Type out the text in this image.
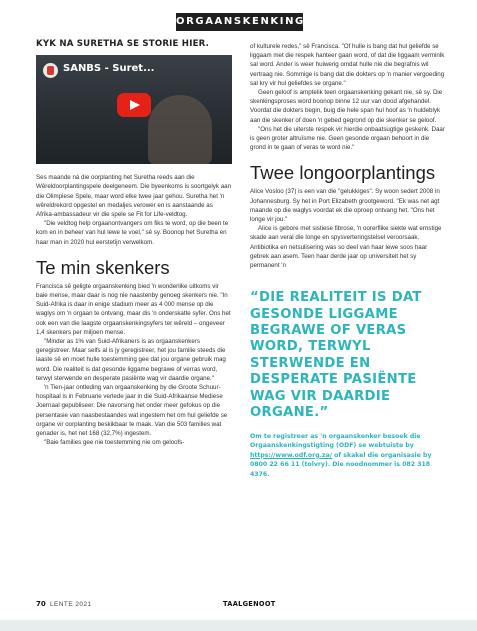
ORGAANSKENKING
KYK NA SURETHA SE STORIE HIER.
SANBS - Suret...

Ses maande ná die oorplanting het Suretha reeds aan die Wêreldoorplantingspele deelgeneem. Die byeenkoms is soortgelyk aan die Olimpiese Spele, maar word elke twee jaar gehou. Suretha het 'n wêreldrekord opgestel en medaljes verower en is aanstaande as Afrika-ambassadeur vir die spele se Fit for Life-veldtog.

"Die veldtog help orgaanontvangers om fiks te word, op die been te kom en in beheer van hul lewe te voel," sê sy. Boonop het Suretha en haar man in 2020 hul eerstetijn verwelkom.

Te min skenkers

Francisca sê geligte orgaanskenking bied 'n wonderlike uitkoms vir baie mense, maar daar is nog nie naastenby genoeg skenkers nie. "In Suid-Afrika is daar in enige stadium meer as 4 000 mense op die waglys om 'n orgaan te ontvang, maar dis 'n onderskatte syfer. Ons het ook een van die laagste orgaanskenkingsyfers ter wêreld – ongeveer 1,4 skenkers per miljoen mense.

"Minder as 1% van Suid-Afrikaners is as orgaanskenkers geregistreer. Maar selfs al is jy geregistreer, het jou familie steeds die laaste sê en moet hulle toestemming gee dat jou organe gebruik mag word. Die realiteit is dat gesonde liggame begrawe of verras word, terwyl sterwende en desperate pasiënte wag vir daardie organe."

'n Tien-jaar ontleding van orgaanskenking by die Groote Schuur-hospitaal is in Februarie verlede jaar in die Suid-Afrikaanse Mediese Joernaal gepubliseer. Die navorsing het onder meer gefokus op die persentasie van naasbestaandes wat ingestem het om hul geliefde se organe vir oorplanting beskikbaar te maak. Van die 503 families wat genader is, het net 168 (32,7%) ingestem.

"Baie families gee nie toestemming nie om geloofs-

of kulturele redes," sê Francisca. "Of hulle is bang dat hul geliefde se liggaam met die respek hanteer gaan word, of dat die liggaam verminlk sal word. Ander is weer huiwerig omdat hulle nie die begrafnis wil vertraag nie. Sommige is bang dat die dokters op 'n manier vergoeding sal kry vir hul geliefdes se organe."

Geen geloof is amptelik teen orgaanskenking gekant nie, sê sy. Die skenkingsproses word boonop binne 12 uur van dood afgehandel. Voordat die dokters begin, buig die hele span hul hoof as 'n huldeblyk aan die skenker of doen 'n gebed gegrond op die skenker se geloof.

"Ons het die uiterste respek vir hierdie onbaatsugtige geskenk. Daar is geen groter altruïsme nie. Geen gesonde orgaan behoort in die grond in te gaan of veras te word nie."

Twee longoorplantings

Alice Vosloo (37) is een van die "gelukkiges". Sy woon sedert 2008 in Johannesburg. Sy het in Port Elizabeth grootgeword. "Ek was net agt maande op die waglys voordat ek die oproep ontvang het. "Ons het longe vir jou."

Alice is gebore met sistiese fibrose, 'n oorerflike siekte wat ernstige skade aan veral die longe en spysverteringstelsel veroorsaak. Antibiotika en netsulisering was so deel van haar lewe soos haar gebrek aan asem. Teen haar derde jaar op universiteit het sy permanent 'n

“DIE REALITEIT IS DAT GESONDE LIGGAME BEGRAWE OF VERAS WORD, TERWYL STERWENDE EN DESPERATE PASIËNTE WAG VIR DAARDIE ORGANE.”
Om te registreer as 'n orgaanskenker besoek die Orgaanskenkingstigting (ODF) se webtuiste by https://www.odf.org.za/ of skakel die organisasie by 0800 22 66 11 (tolvry). Die noodnommer is 082 318 4376.
70 LENTE 2021	TAALGENOOT
